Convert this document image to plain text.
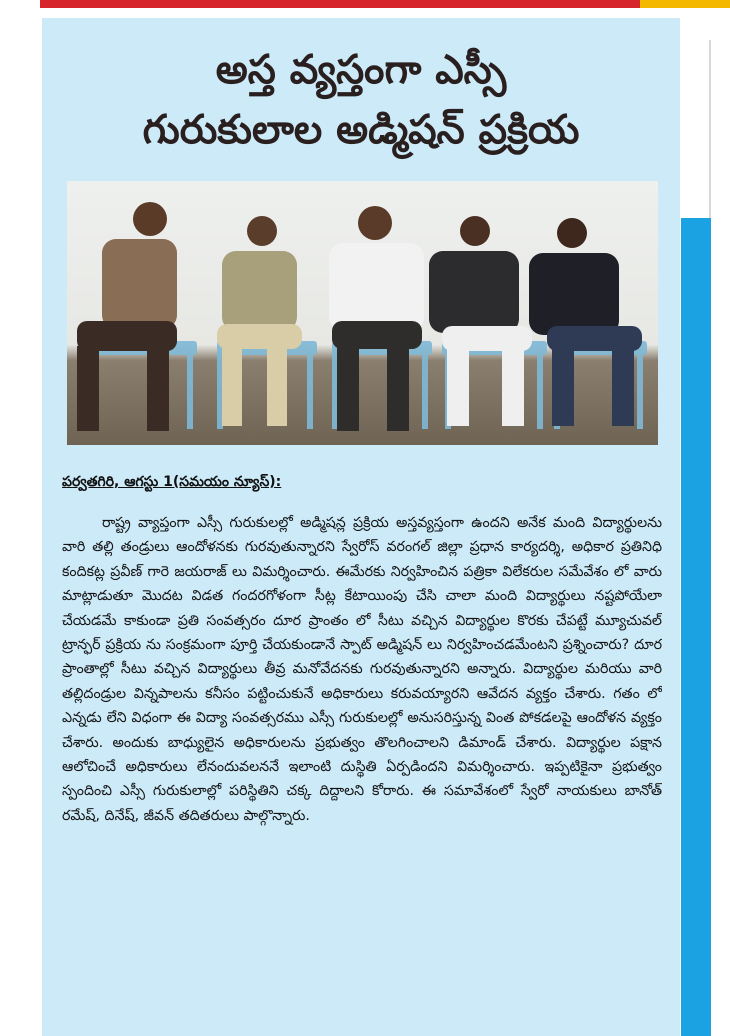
అస్త వ్యస్తంగా ఎస్సీ
గురుకులాల అడ్మిషన్ ప్రక్రియ
పర్వతగిరి, ఆగస్టు 1(సమయం న్యూస్):
రాష్ట్ర వ్యాప్తంగా ఎస్సీ గురుకులల్లో అడ్మిషన్ల ప్రక్రియ అస్తవ్యస్తంగా ఉందని అనేక మంది విద్యార్థులను వారి తల్లి తండ్రులు ఆందోళనకు గురవుతున్నారని స్వేరోస్ వరంగల్ జిల్లా ప్రధాన కార్యదర్శి, అధికార ప్రతినిధి కందికట్ల ప్రవీణ్ గారె జయరాజ్ లు విమర్శించారు. ఈమేరకు నిర్వహించిన పత్రికా విలేకరుల సమేవేశం లో వారు మాట్లాడుతూ మొదట విడత గందరగోళంగా సీట్ల కేటాయింపు చేసి చాలా మంది విద్యార్థులు నష్టపోయేలా చేయడమే కాకుండా ప్రతి సంవత్సరం దూర ప్రాంతం లో సీటు వచ్చిన విద్యార్థుల కొరకు చేపట్టే మ్యూచువల్ ట్రాన్ఫర్ ప్రక్రియ ను సంక్రమంగా పూర్తి చేయకుండానే స్పాట్ అడ్మిషన్ లు నిర్వహించడమేంటని ప్రశ్నించారు? దూర ప్రాంతాల్లో సీటు వచ్చిన విద్యార్థులు తీవ్ర మనోవేదనకు గురవుతున్నారని అన్నారు. విద్యార్థుల మరియు వారి తల్లిదండ్రుల విన్నపాలను కనీసం పట్టించుకునే అధికారులు కరువయ్యారని ఆవేదన వ్యక్తం చేశారు. గతం లో ఎన్నడు లేని విధంగా ఈ విద్యా సంవత్సరము ఎస్సీ గురుకులల్లో అనుసరిస్తున్న వింత పోకడలపై ఆందోళన వ్యక్తం చేశారు. అందుకు బాధ్యులైన అధికారులను ప్రభుత్వం తొలగించాలని డిమాండ్ చేశారు. విద్యార్థుల పక్షాన ఆలోచించే అధికారులు లేనందువలననే ఇలాంటి దుస్థితి ఏర్పడిందని విమర్శించారు. ఇప్పటికైనా ప్రభుత్వం స్పందించి ఎస్సీ గురుకులాల్లో పరిస్థితిని చక్క దిద్దాలని కోరారు. ఈ సమావేశంలో స్వేరో నాయకులు బానోత్ రమేష్, దినేష్, జీవన్ తదితరులు పాల్గొన్నారు.
